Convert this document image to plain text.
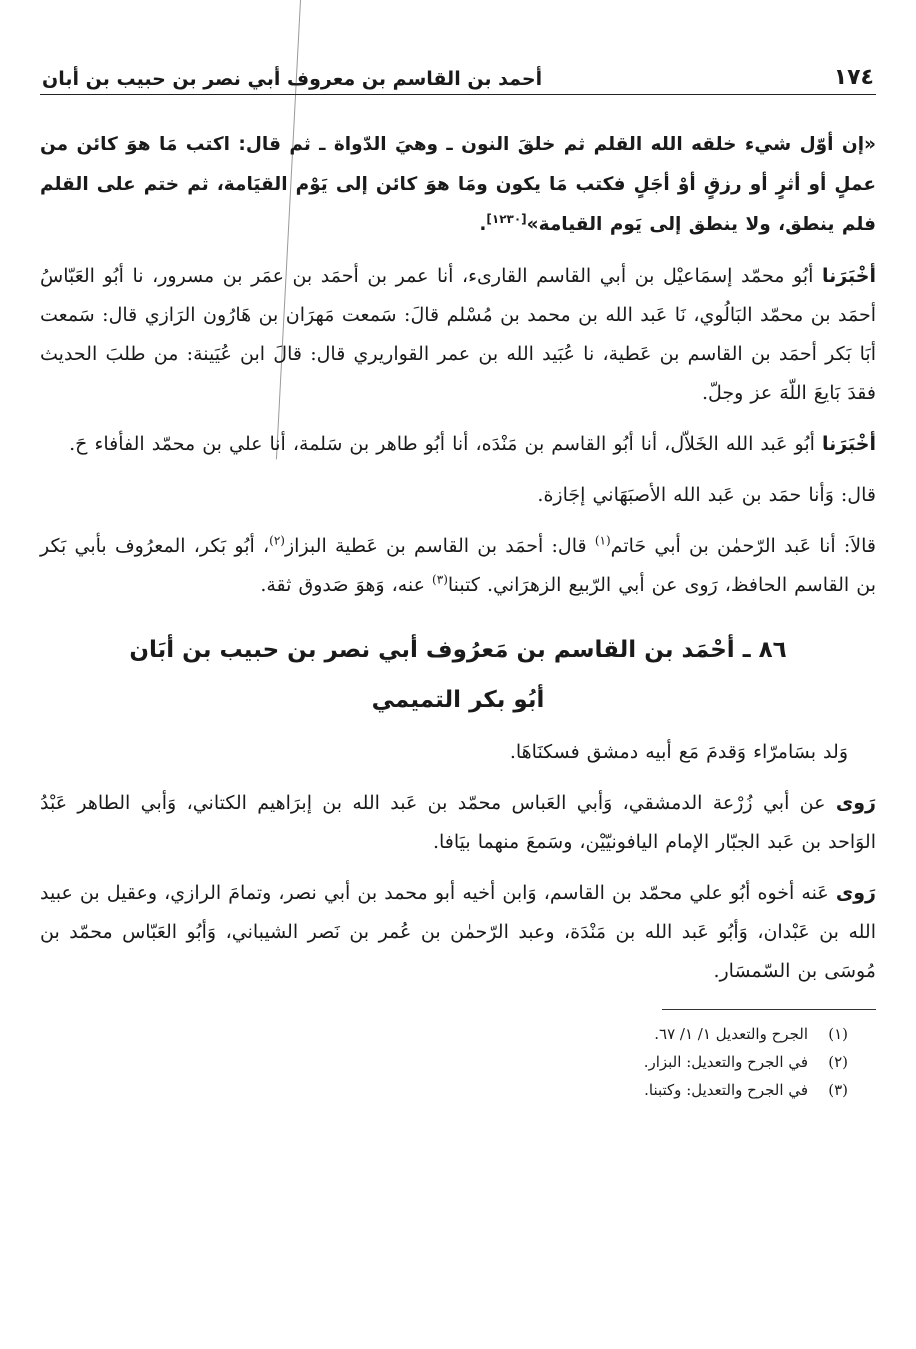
١٧٤
أحمد بن القاسم بن معروف أبي نصر بن حبيب بن أبان

«إن أوّل شيء خلقه الله القلم ثم خلقَ النون ـ وهيَ الدّواة ـ ثم قال: اكتب مَا هوَ كائن من عملٍ أو أثرٍ أو رزقٍ أوْ أجَلٍ فكتب مَا يكون ومَا هوَ كائن إلى يَوْم القيَامة، ثم ختم على القلم فلم ينطق، ولا ينطق إلى يَوم القيامة»[١٢٣٠].

أخْبَرَنا أبُو محمّد إسمَاعيْل بن أبي القاسم القارىء، أنا عمر بن أحمَد بن عمَر بن مسرور، نا أبُو العَبّاسُ أحمَد بن محمّد البَالُوي، نَا عَبد الله بن محمد بن مُسْلم قالَ: سَمعت مَهرَان بن هَارُون الرَازي قال: سَمعت أبَا بَكر أحمَد بن القاسم بن عَطية، نا عُبَيد الله بن عمر القواريري قال: قالَ ابن عُيَينة: من طلبَ الحديث فقدَ بَايعَ اللّهَ عز وجلّ.

أخْبَرَنا أبُو عَبد الله الخَلاّل، أنا أبُو القاسم بن مَنْدَه، أنا أبُو طاهر بن سَلمة، أنا علي بن محمّد الفأفاء حَ.

قال: وَأنا حمَد بن عَبد الله الأصبَهَاني إجَازة.

قالاَ: أنا عَبد الرّحمٰن بن أبي حَاتم$^{(١)}$ قال: أحمَد بن القاسم بن عَطية البزاز$^{(٢)}$، أبُو بَكر، المعرُوف بأبي بَكر بن القاسم الحافظ، رَوى عن أبي الرّبيع الزهرَاني. كتبنا$^{(٣)}$ عنه، وَهوَ صَدوق ثقة.

٨٦ ـ أحْمَد بن القاسم بن مَعرُوف أبي نصر بن حبيب بن أبَان
أبُو بكر التميمي

وَلد بسَامرّاء وَقدمَ مَع أبيه دمشق فسكنَاهَا.

رَوى عن أبي زُرْعة الدمشقي، وَأبي العَباس محمّد بن عَبد الله بن إبرَاهيم الكتاني، وَأبي الطاهر عَبْدُ الوَاحد بن عَبد الجبّار الإمام اليافونيّيْن، وسَمعَ منهما بيَافا.

رَوى عَنه أخوه أبُو علي محمّد بن القاسم، وَابن أخيه أبو محمد بن أبي نصر، وتمامَ الرازي، وعقيل بن عبيد الله بن عَبْدان، وَأبُو عَبد الله بن مَنْدَة، وعبد الرّحمٰن بن عُمر بن نَصر الشيباني، وَأبُو العَبّاس محمّد بن مُوسَى بن السّمسَار.

(١)
الجرح والتعديل ١/ ١/ ٦٧.
(٢)
في الجرح والتعديل: البزار.
(٣)
في الجرح والتعديل: وكتبنا.
